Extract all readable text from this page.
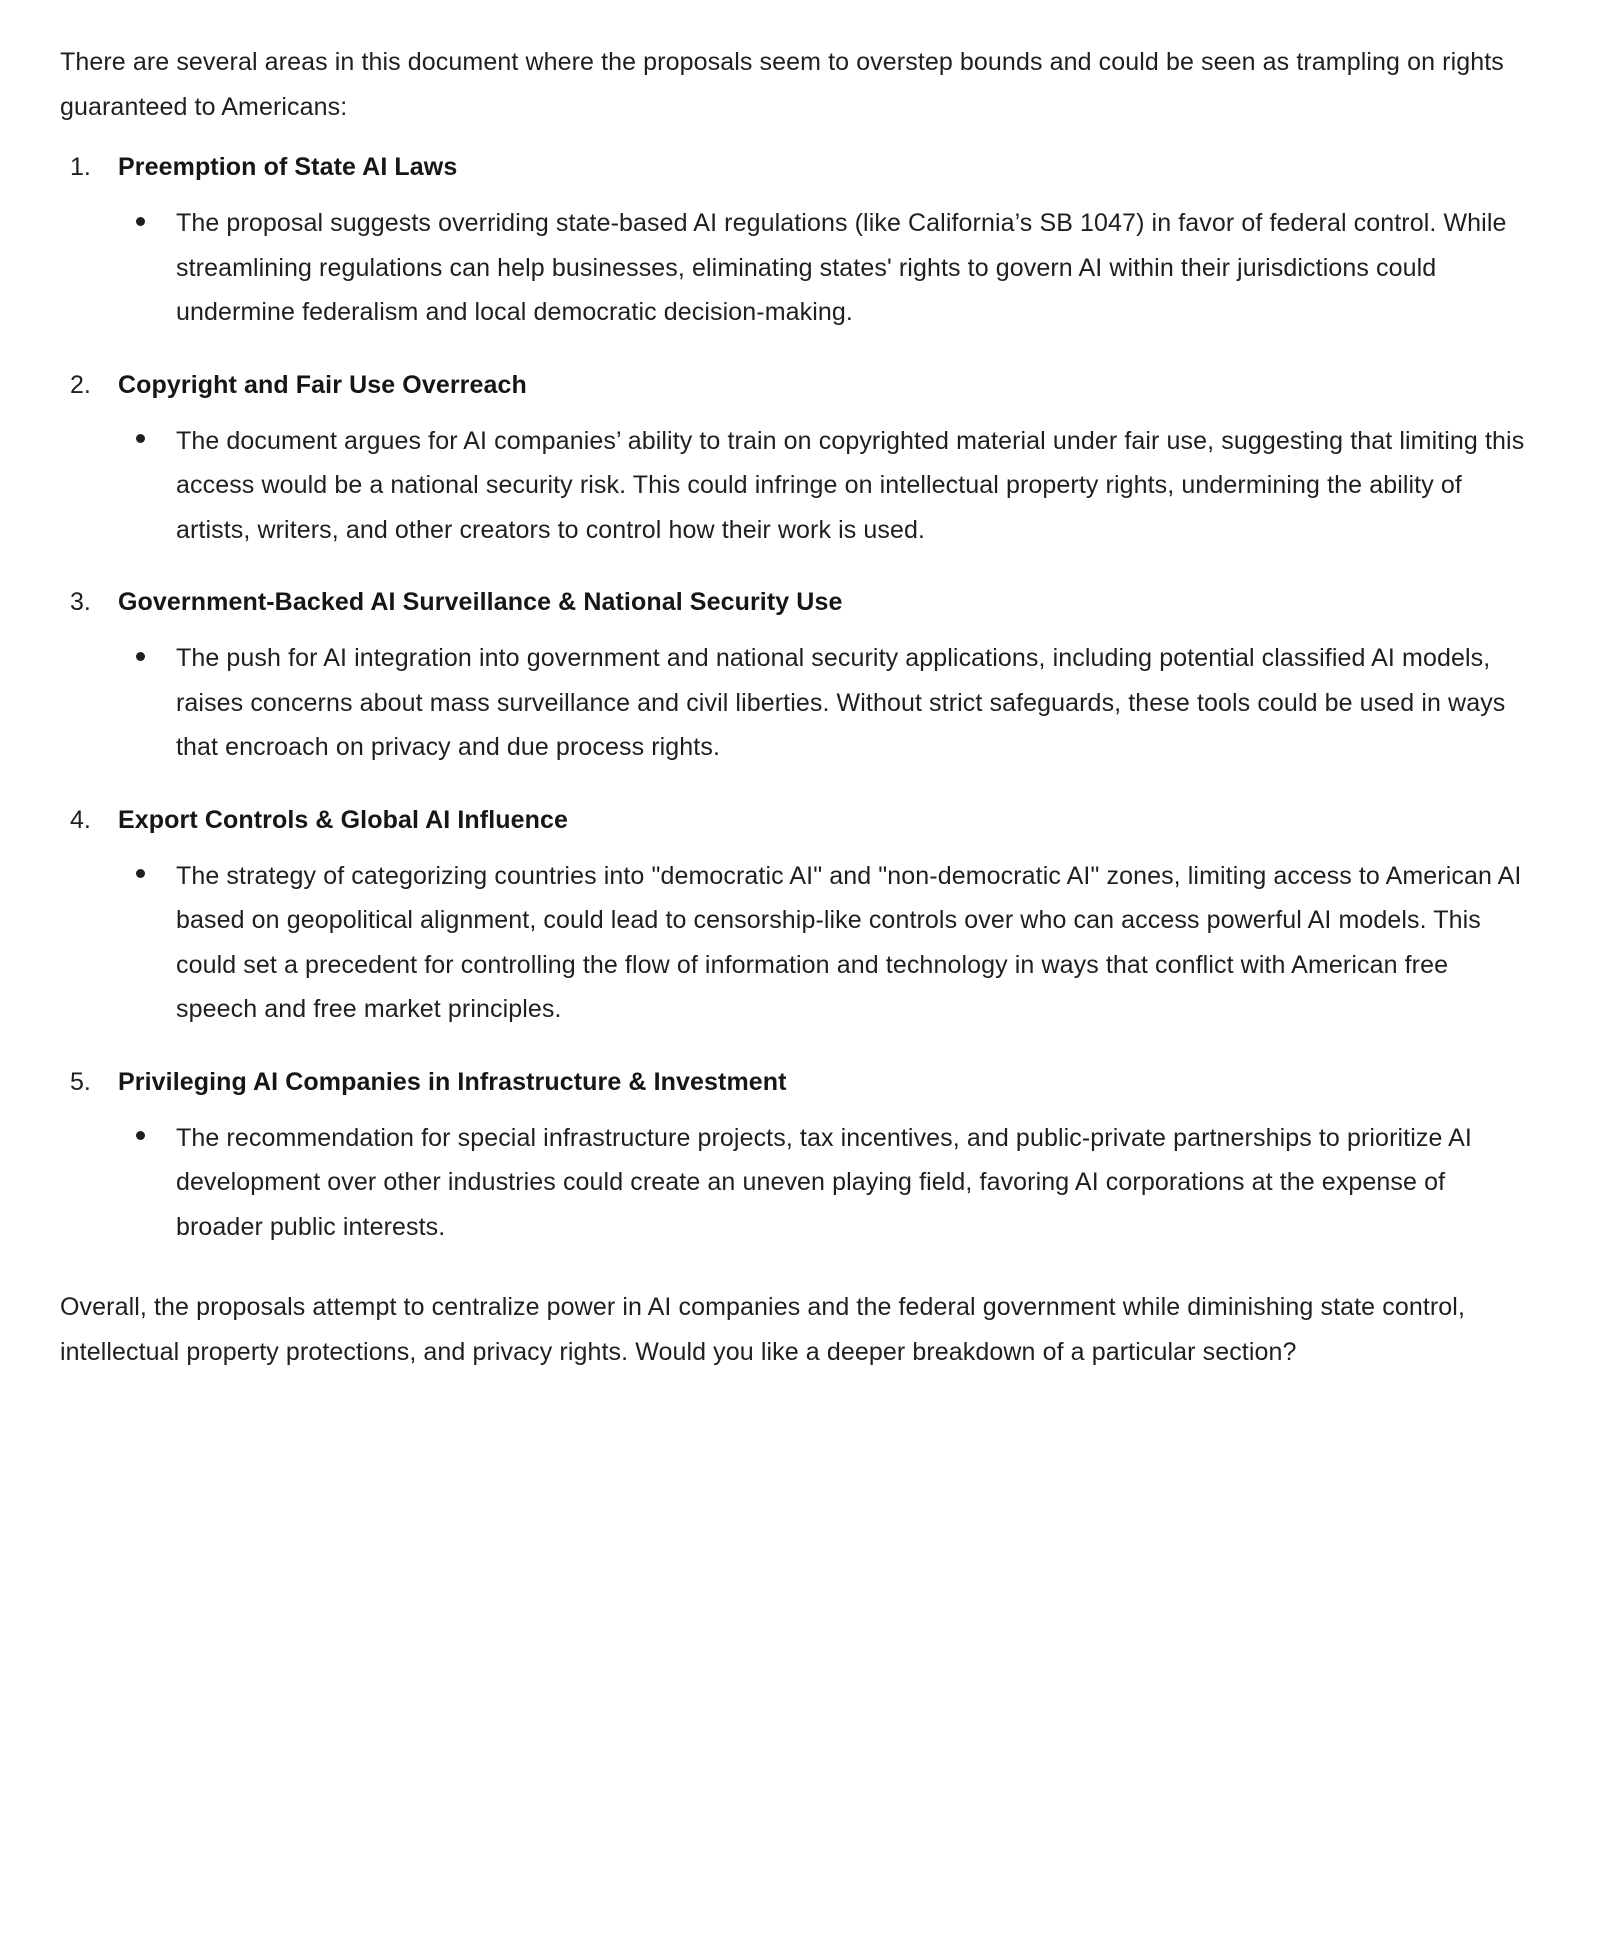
There are several areas in this document where the proposals seem to overstep bounds and could be seen as trampling on rights guaranteed to Americans:

1. Preemption of State AI Laws
The proposal suggests overriding state-based AI regulations (like California’s SB 1047) in favor of federal control. While streamlining regulations can help businesses, eliminating states' rights to govern AI within their jurisdictions could undermine federalism and local democratic decision-making.
2. Copyright and Fair Use Overreach
The document argues for AI companies’ ability to train on copyrighted material under fair use, suggesting that limiting this access would be a national security risk. This could infringe on intellectual property rights, undermining the ability of artists, writers, and other creators to control how their work is used.
3. Government-Backed AI Surveillance & National Security Use
The push for AI integration into government and national security applications, including potential classified AI models, raises concerns about mass surveillance and civil liberties. Without strict safeguards, these tools could be used in ways that encroach on privacy and due process rights.
4. Export Controls & Global AI Influence
The strategy of categorizing countries into "democratic AI" and "non-democratic AI" zones, limiting access to American AI based on geopolitical alignment, could lead to censorship-like controls over who can access powerful AI models. This could set a precedent for controlling the flow of information and technology in ways that conflict with American free speech and free market principles.
5. Privileging AI Companies in Infrastructure & Investment
The recommendation for special infrastructure projects, tax incentives, and public-private partnerships to prioritize AI development over other industries could create an uneven playing field, favoring AI corporations at the expense of broader public interests.

Overall, the proposals attempt to centralize power in AI companies and the federal government while diminishing state control, intellectual property protections, and privacy rights. Would you like a deeper breakdown of a particular section?
